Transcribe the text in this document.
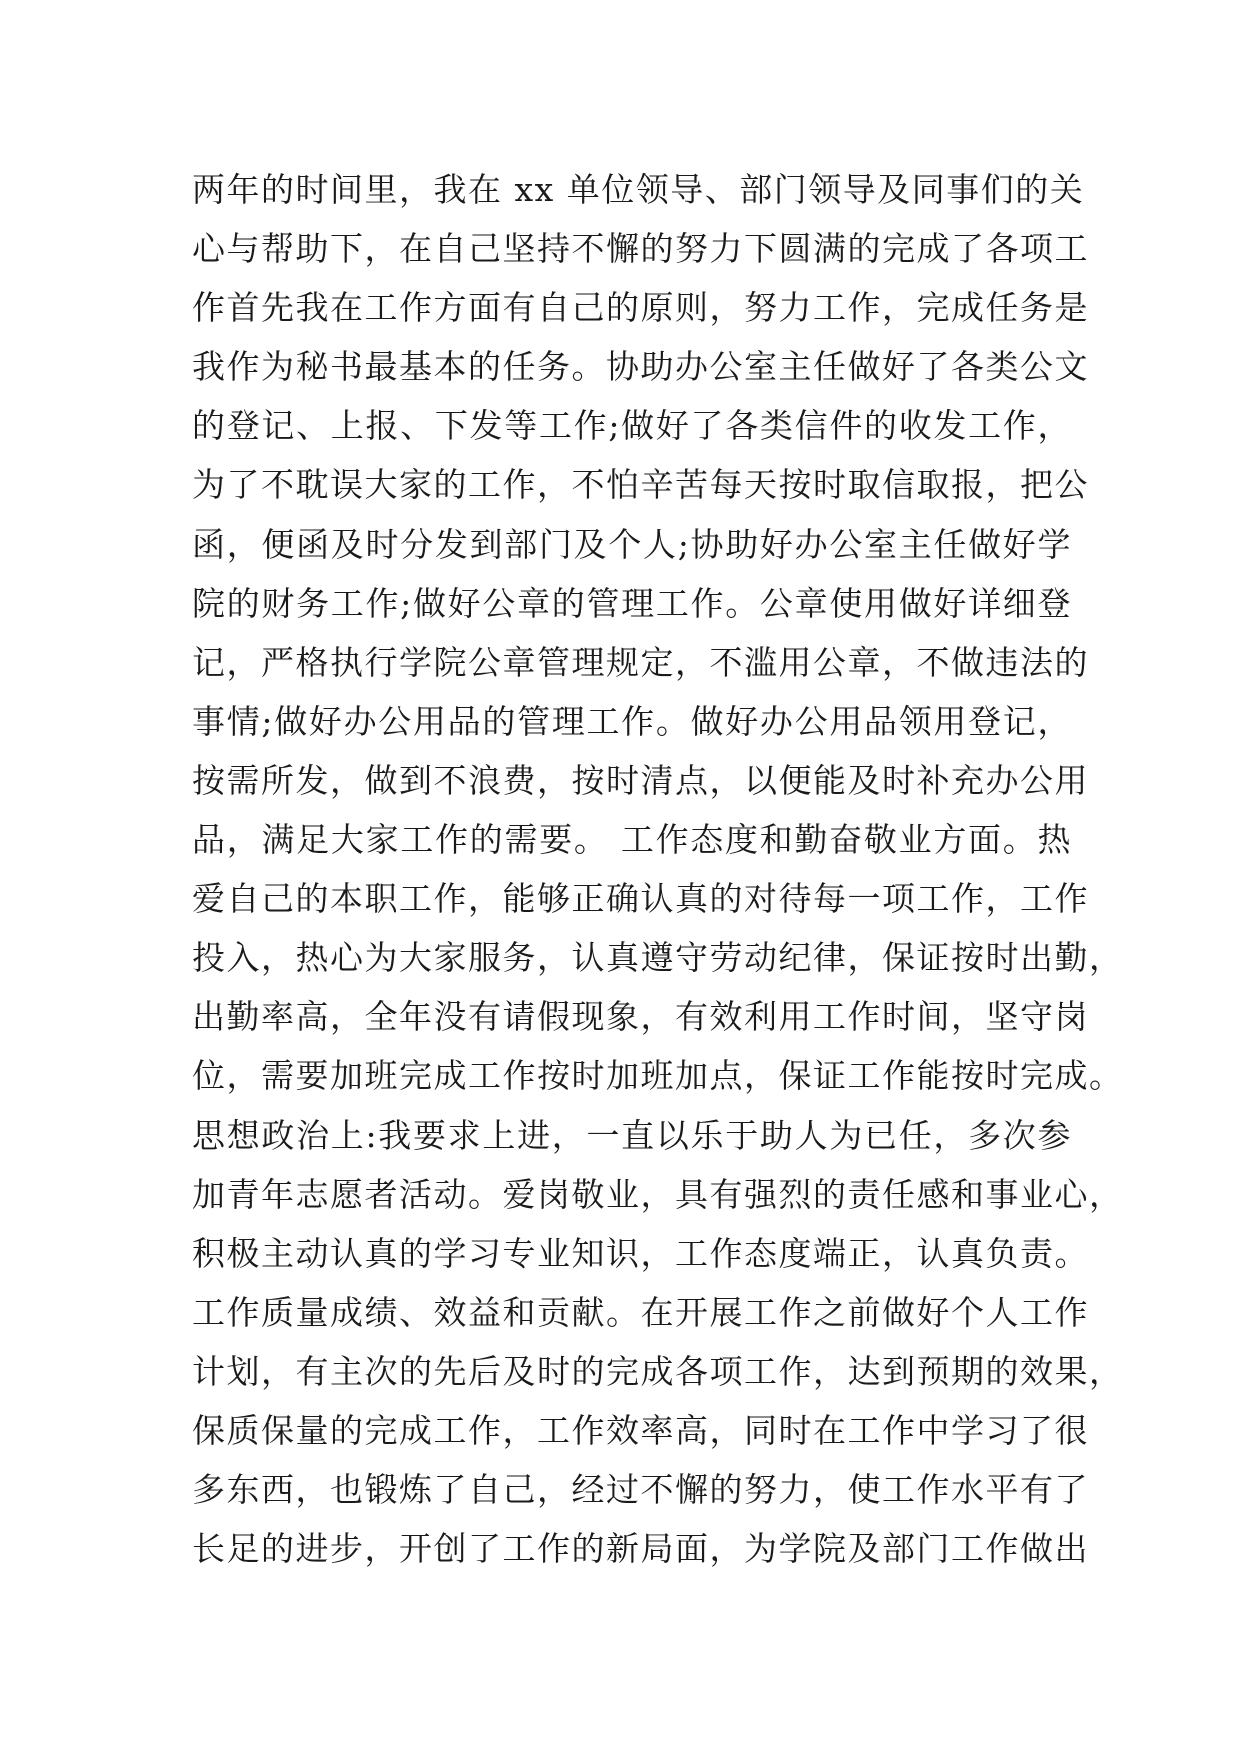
两年的时间里，我在 xx 单位领导、部门领导及同事们的关
心与帮助下，在自己坚持不懈的努力下圆满的完成了各项工
作首先我在工作方面有自己的原则，努力工作，完成任务是
我作为秘书最基本的任务。协助办公室主任做好了各类公文
的登记、上报、下发等工作;做好了各类信件的收发工作，
为了不耽误大家的工作，不怕辛苦每天按时取信取报，把公
函，便函及时分发到部门及个人;协助好办公室主任做好学
院的财务工作;做好公章的管理工作。公章使用做好详细登
记，严格执行学院公章管理规定，不滥用公章，不做违法的
事情;做好办公用品的管理工作。做好办公用品领用登记，
按需所发，做到不浪费，按时清点，以便能及时补充办公用
品，满足大家工作的需要。 工作态度和勤奋敬业方面。热
爱自己的本职工作，能够正确认真的对待每一项工作，工作
投入，热心为大家服务，认真遵守劳动纪律，保证按时出勤，
出勤率高，全年没有请假现象，有效利用工作时间，坚守岗
位，需要加班完成工作按时加班加点，保证工作能按时完成。
思想政治上:我要求上进，一直以乐于助人为已任，多次参
加青年志愿者活动。爱岗敬业，具有强烈的责任感和事业心，
积极主动认真的学习专业知识，工作态度端正，认真负责。
工作质量成绩、效益和贡献。在开展工作之前做好个人工作
计划，有主次的先后及时的完成各项工作，达到预期的效果，
保质保量的完成工作，工作效率高，同时在工作中学习了很
多东西，也锻炼了自己，经过不懈的努力，使工作水平有了
长足的进步，开创了工作的新局面，为学院及部门工作做出
